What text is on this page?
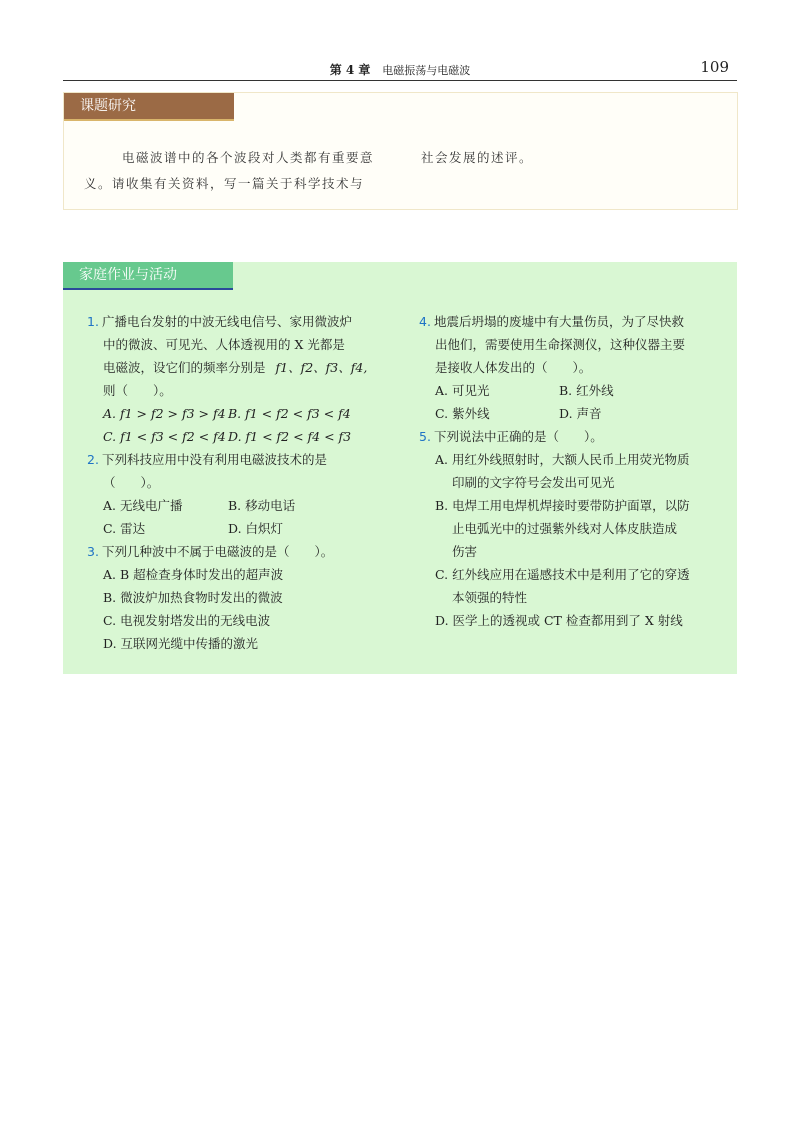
第 4 章 电磁振荡与电磁波	109
课题研究
电磁波谱中的各个波段对人类都有重要意
义。请收集有关资料，写一篇关于科学技术与
社会发展的述评。
家庭作业与活动
1. 广播电台发射的中波无线电信号、家用微波炉
中的微波、可见光、人体透视用的 X 光都是
电磁波，设它们的频率分别是 f1、f2、f3、f4,
则（　　）。
A. f1 > f2 > f3 > f4 B. f1 < f2 < f3 < f4
C. f1 < f3 < f2 < f4 D. f1 < f2 < f4 < f3
2. 下列科技应用中没有利用电磁波技术的是
（　　）。
A. 无线电广播	B. 移动电话
C. 雷达	D. 白炽灯
3. 下列几种波中不属于电磁波的是（　　）。
A. B 超检查身体时发出的超声波
B. 微波炉加热食物时发出的微波
C. 电视发射塔发出的无线电波
D. 互联网光缆中传播的激光
4. 地震后坍塌的废墟中有大量伤员，为了尽快救
出他们，需要使用生命探测仪，这种仪器主要
是接收人体发出的（　　）。
A. 可见光	B. 红外线
C. 紫外线	D. 声音
5. 下列说法中正确的是（　　）。
A. 用红外线照射时，大额人民币上用荧光物质
印刷的文字符号会发出可见光
B. 电焊工用电焊机焊接时要带防护面罩，以防
止电弧光中的过强紫外线对人体皮肤造成
伤害
C. 红外线应用在遥感技术中是利用了它的穿透
本领强的特性
D. 医学上的透视或 CT 检查都用到了 X 射线
